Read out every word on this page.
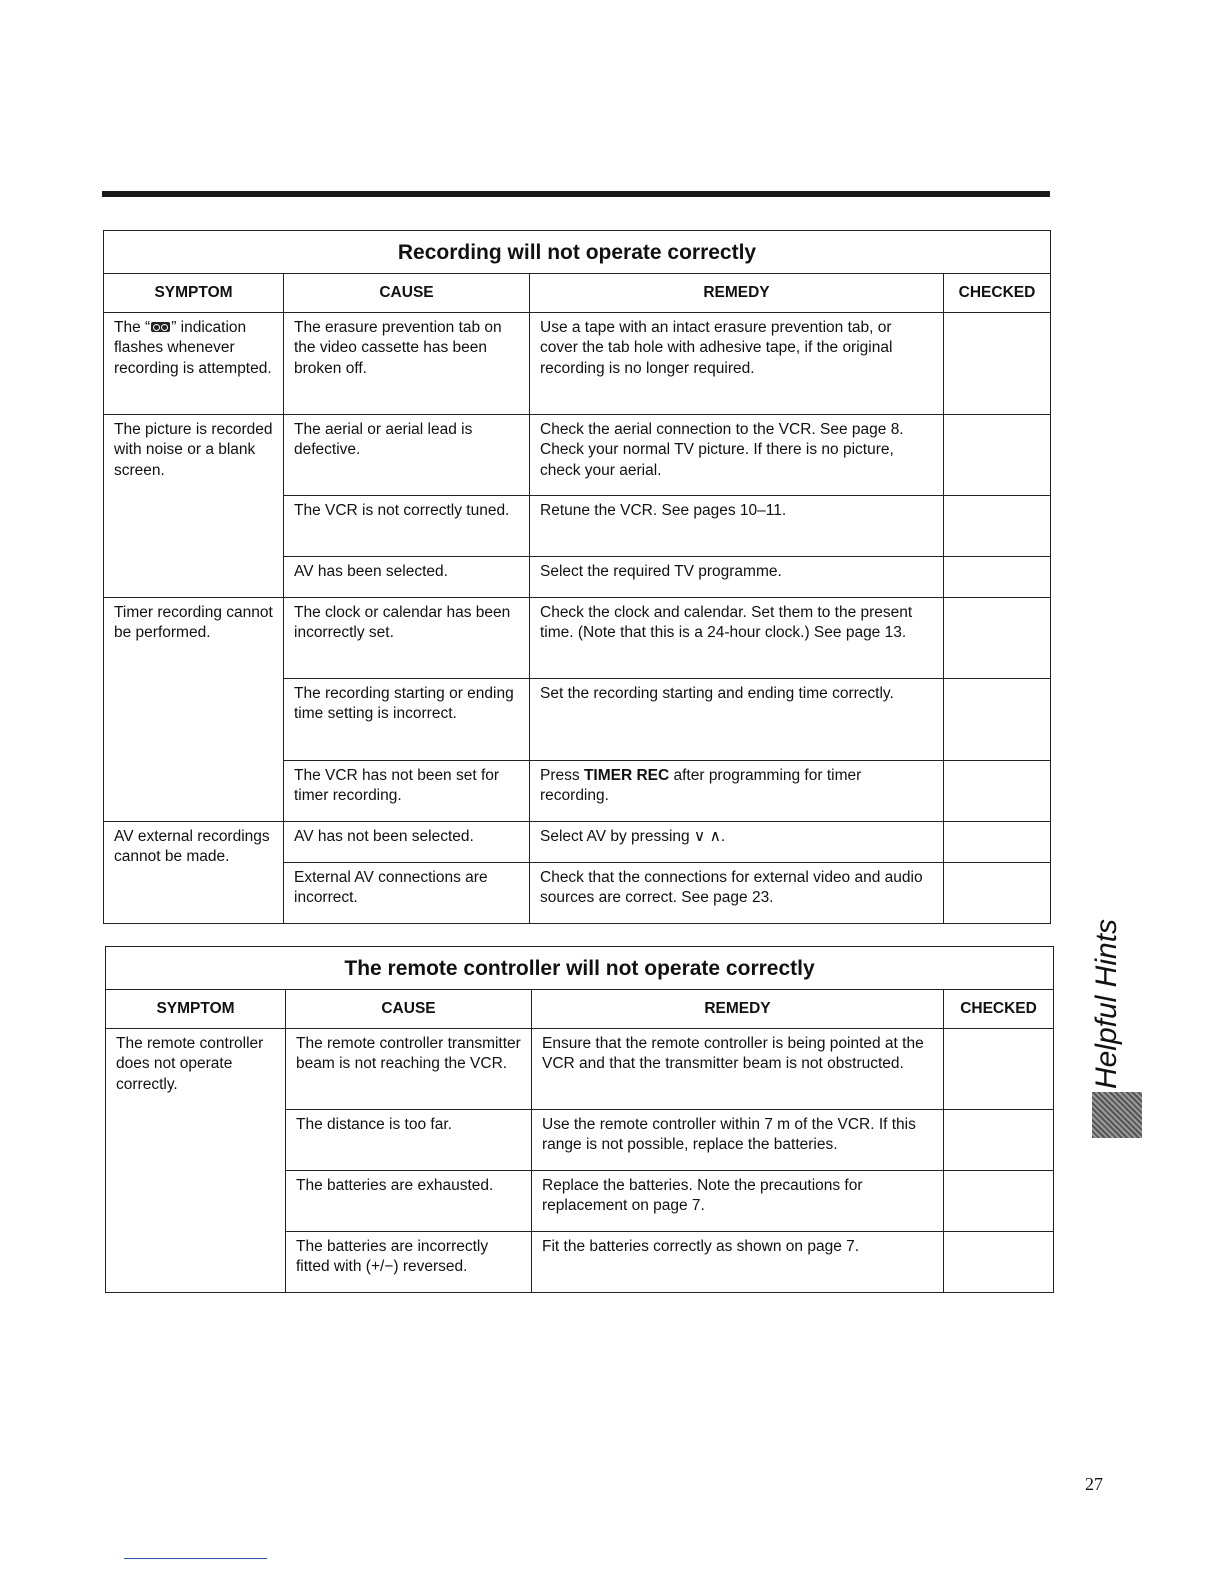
Recording will not operate correctly			
SYMPTOM	CAUSE	REMEDY	CHECKED
The “ ” indication flashes whenever recording is attempted.	The erasure prevention tab on the video cassette has been broken off.	Use a tape with an intact erasure prevention tab, or cover the tab hole with adhesive tape, if the original recording is no longer required.	
The picture is recorded with noise or a blank screen.	The aerial or aerial lead is defective.	Check the aerial connection to the VCR. See page 8. Check your normal TV picture. If there is no picture, check your aerial.	
	The VCR is not correctly tuned.	Retune the VCR. See pages 10–11.	
	AV has been selected.	Select the required TV programme.	
Timer recording cannot be performed.	The clock or calendar has been incorrectly set.	Check the clock and calendar. Set them to the present time. (Note that this is a 24-hour clock.) See page 13.	
	The recording starting or ending time setting is incorrect.	Set the recording starting and ending time correctly.	
	The VCR has not been set for timer recording.	Press TIMER REC after programming for timer recording.	
AV external recordings cannot be made.	AV has not been selected.	Select AV by pressing ∨ ∧.	
	External AV connections are incorrect.	Check that the connections for external video and audio sources are correct. See page 23.	
The remote controller will not operate correctly			
SYMPTOM	CAUSE	REMEDY	CHECKED
The remote controller does not operate correctly.	The remote controller transmitter beam is not reaching the VCR.	Ensure that the remote controller is being pointed at the VCR and that the transmitter beam is not obstructed.	
	The distance is too far.	Use the remote controller within 7 m of the VCR. If this range is not possible, replace the batteries.	
	The batteries are exhausted.	Replace the batteries. Note the precautions for replacement on page 7.	
	The batteries are incorrectly fitted with (+/−) reversed.	Fit the batteries correctly as shown on page 7.	
Helpful Hints
27
